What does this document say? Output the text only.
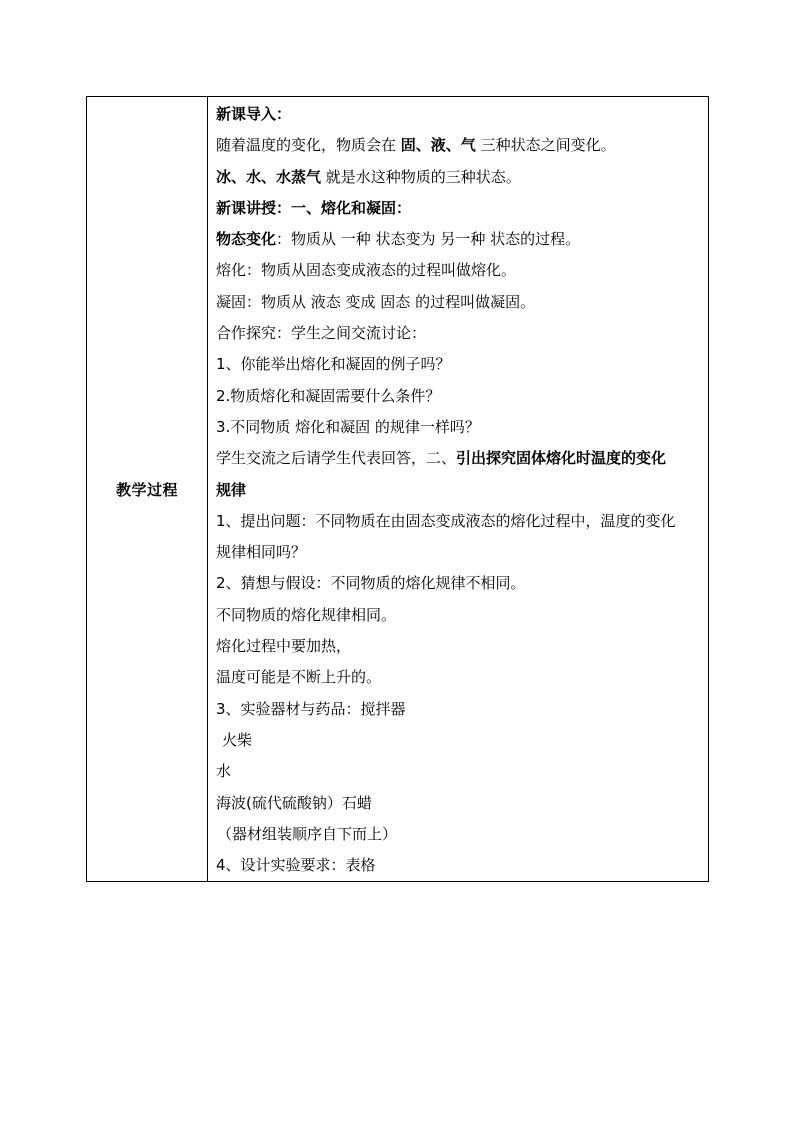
教学过程
新课导入：
随着温度的变化，物质会在 固、液、气 三种状态之间变化。
冰、水、水蒸气 就是水这种物质的三种状态。
新课讲授：一、熔化和凝固：
物态变化：物质从 一种 状态变为 另一种 状态的过程。
熔化：物质从固态变成液态的过程叫做熔化。
凝固：物质从 液态 变成 固态 的过程叫做凝固。
合作探究：学生之间交流讨论：
1、你能举出熔化和凝固的例子吗？
2.物质熔化和凝固需要什么条件？
3.不同物质 熔化和凝固 的规律一样吗？
学生交流之后请学生代表回答，二、引出探究固体熔化时温度的变化
规律
1、提出问题：不同物质在由固态变成液态的熔化过程中，温度的变化
规律相同吗？
2、猜想与假设：不同物质的熔化规律不相同。
不同物质的熔化规律相同。
熔化过程中要加热，
温度可能是不断上升的。
3、实验器材与药品：搅拌器
火柴
水
海波(硫代硫酸钠）石蜡
（器材组装顺序自下而上）
4、设计实验要求：表格
